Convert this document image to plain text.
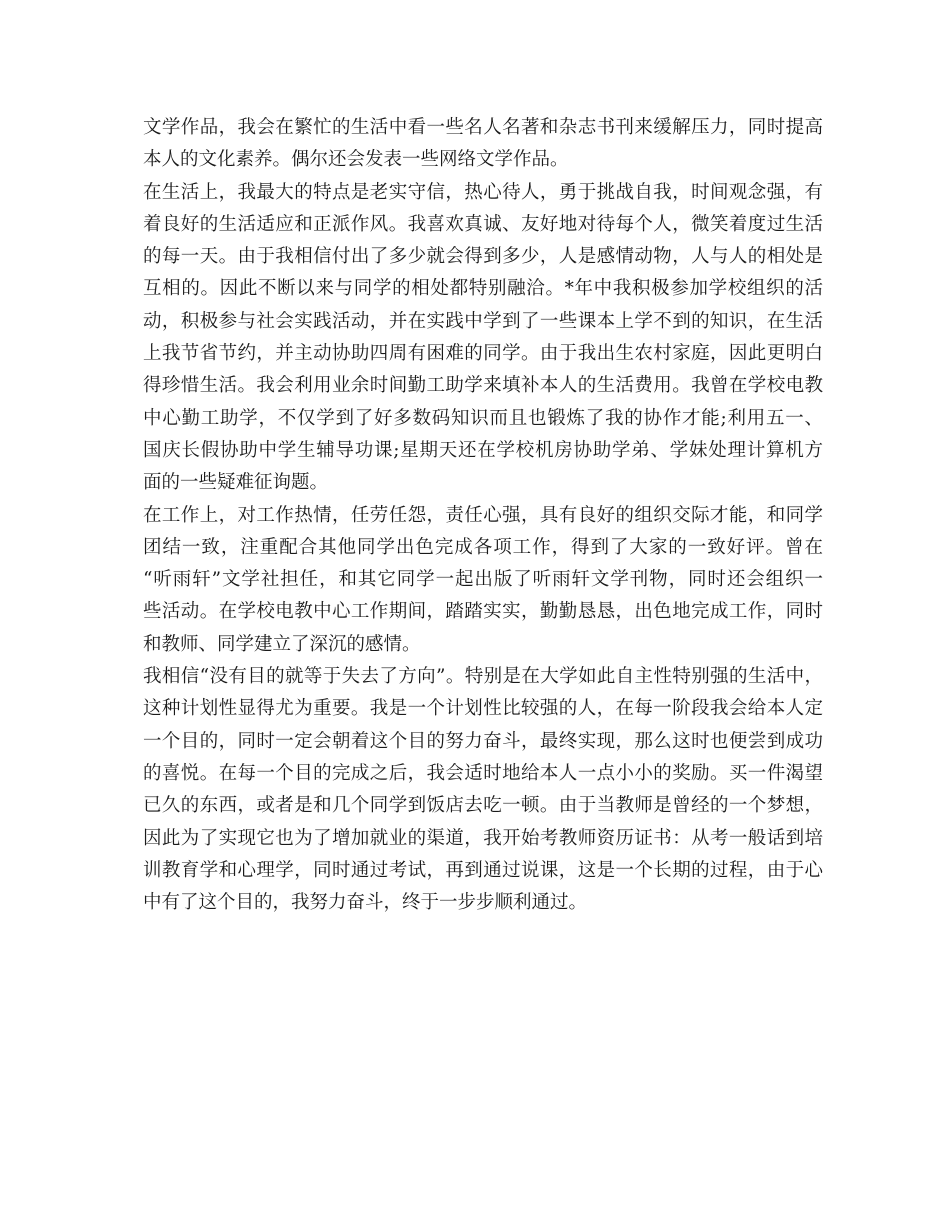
文学作品，我会在繁忙的生活中看一些名人名著和杂志书刊来缓解压力，同时提高
本人的文化素养。偶尔还会发表一些网络文学作品。
在生活上，我最大的特点是老实守信，热心待人，勇于挑战自我，时间观念强，有
着良好的生活适应和正派作风。我喜欢真诚、友好地对待每个人，微笑着度过生活
的每一天。由于我相信付出了多少就会得到多少，人是感情动物，人与人的相处是
互相的。因此不断以来与同学的相处都特别融洽。*年中我积极参加学校组织的活
动，积极参与社会实践活动，并在实践中学到了一些课本上学不到的知识，在生活
上我节省节约，并主动协助四周有困难的同学。由于我出生农村家庭，因此更明白
得珍惜生活。我会利用业余时间勤工助学来填补本人的生活费用。我曾在学校电教
中心勤工助学，不仅学到了好多数码知识而且也锻炼了我的协作才能;利用五一、
国庆长假协助中学生辅导功课;星期天还在学校机房协助学弟、学妹处理计算机方
面的一些疑难征询题。
在工作上，对工作热情，任劳任怨，责任心强，具有良好的组织交际才能，和同学
团结一致，注重配合其他同学出色完成各项工作，得到了大家的一致好评。曾在
“听雨轩”文学社担任，和其它同学一起出版了听雨轩文学刊物，同时还会组织一
些活动。在学校电教中心工作期间，踏踏实实，勤勤恳恳，出色地完成工作，同时
和教师、同学建立了深沉的感情。
我相信“没有目的就等于失去了方向”。特别是在大学如此自主性特别强的生活中，
这种计划性显得尤为重要。我是一个计划性比较强的人，在每一阶段我会给本人定
一个目的，同时一定会朝着这个目的努力奋斗，最终实现，那么这时也便尝到成功
的喜悦。在每一个目的完成之后，我会适时地给本人一点小小的奖励。买一件渴望
已久的东西，或者是和几个同学到饭店去吃一顿。由于当教师是曾经的一个梦想，
因此为了实现它也为了增加就业的渠道，我开始考教师资历证书：从考一般话到培
训教育学和心理学，同时通过考试，再到通过说课，这是一个长期的过程，由于心
中有了这个目的，我努力奋斗，终于一步步顺利通过。
